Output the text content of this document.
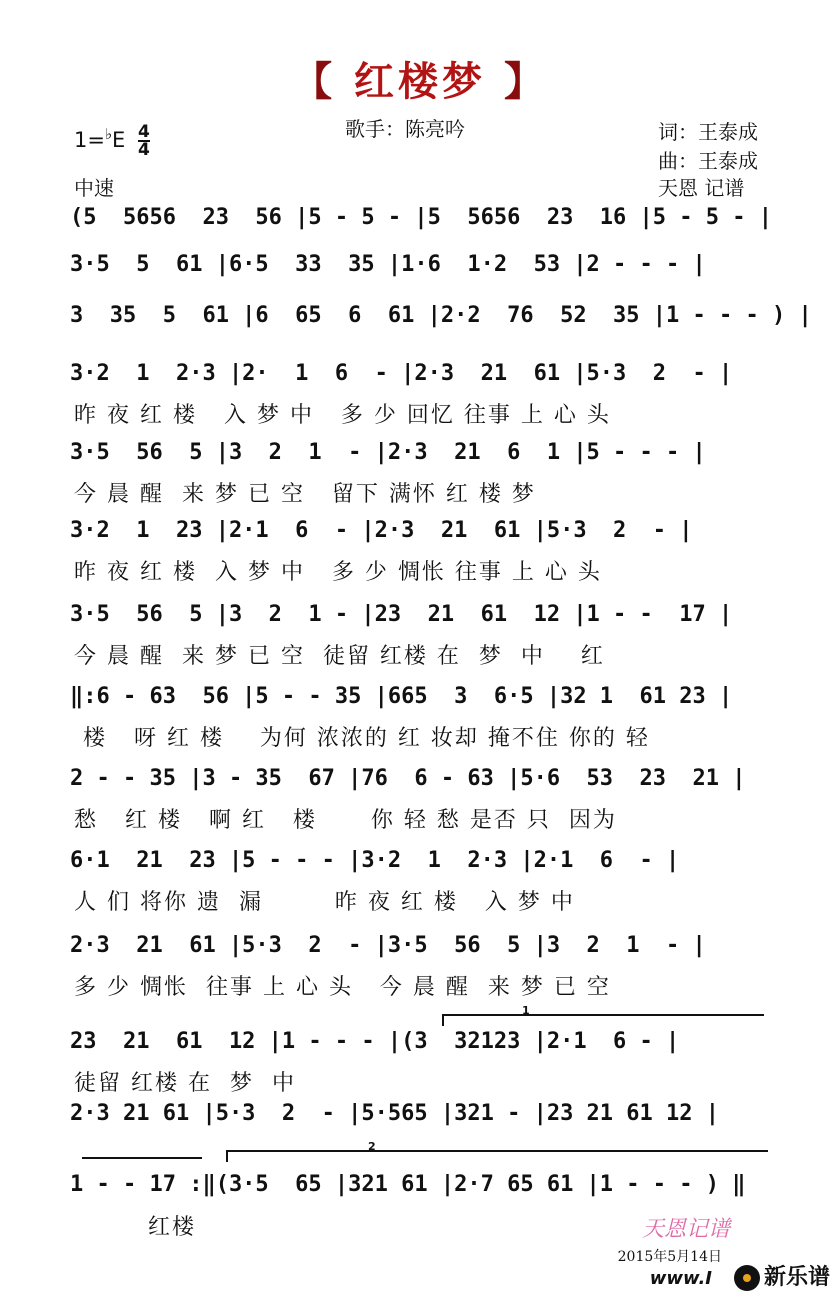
【 红楼梦 】
歌手：陈亮吟
$1=^♭E \frac{4}{4}$
中速
词：王泰成
曲：王泰成
天恩 记谱
(5  5656  23  56 |5 - 5 - |5  5656  23  16 |5 - 5 - |
3·5  5  61 |6·5  33  35 |1·6  1·2  53 |2 - - - |
3  35  5  61 |6  65  6  61 |2·2  76  52  35 |1 - - - ) |
3·2  1  2·3 |2·  1  6  - |2·3  21  61 |5·3  2  - |
昨 夜 红 楼   入 梦 中   多 少 回忆 往事 上 心 头
3·5  56  5 |3  2  1  - |2·3  21  6  1 |5 - - - |
今 晨 醒  来 梦 已 空   留下 满怀 红 楼 梦
3·2  1  23 |2·1  6  - |2·3  21  61 |5·3  2  - |
昨 夜 红 楼  入 梦 中   多 少 惆怅 往事 上 心 头
3·5  56  5 |3  2  1 - |23  21  61  12 |1 - -  17 |
今 晨 醒  来 梦 已 空  徒留 红楼 在  梦  中    红
‖:6 - 63  56 |5 - - 35 |665  3  6·5 |32 1  61 23 |
楼   呀 红 楼    为何 浓浓的 红 妆却 掩不住 你的 轻
2 - - 35 |3 - 35  67 |76  6 - 63 |5·6  53  23  21 |
愁   红 楼   啊 红   楼      你 轻 愁 是否 只  因为
6·1  21  23 |5 - - - |3·2  1  2·3 |2·1  6  - |
人 们 将你 遗  漏        昨 夜 红 楼   入 梦 中
2·3  21  61 |5·3  2  - |3·5  56  5 |3  2  1  - |
多 少 惆怅  往事 上 心 头   今 晨 醒  来 梦 已 空
1
23  21  61  12 |1 - - - |(3  32123 |2·1  6 - |
徒留 红楼 在  梦  中
2·3 21 61 |5·3  2  - |5·565 |321 - |23 21 61 12 |
2
1 - - 17 :‖(3·5  65 |321 61 |2·7 65 61 |1 - - - ) ‖
红楼	天恩记谱
2015年5月14日
www.I	新乐谱
